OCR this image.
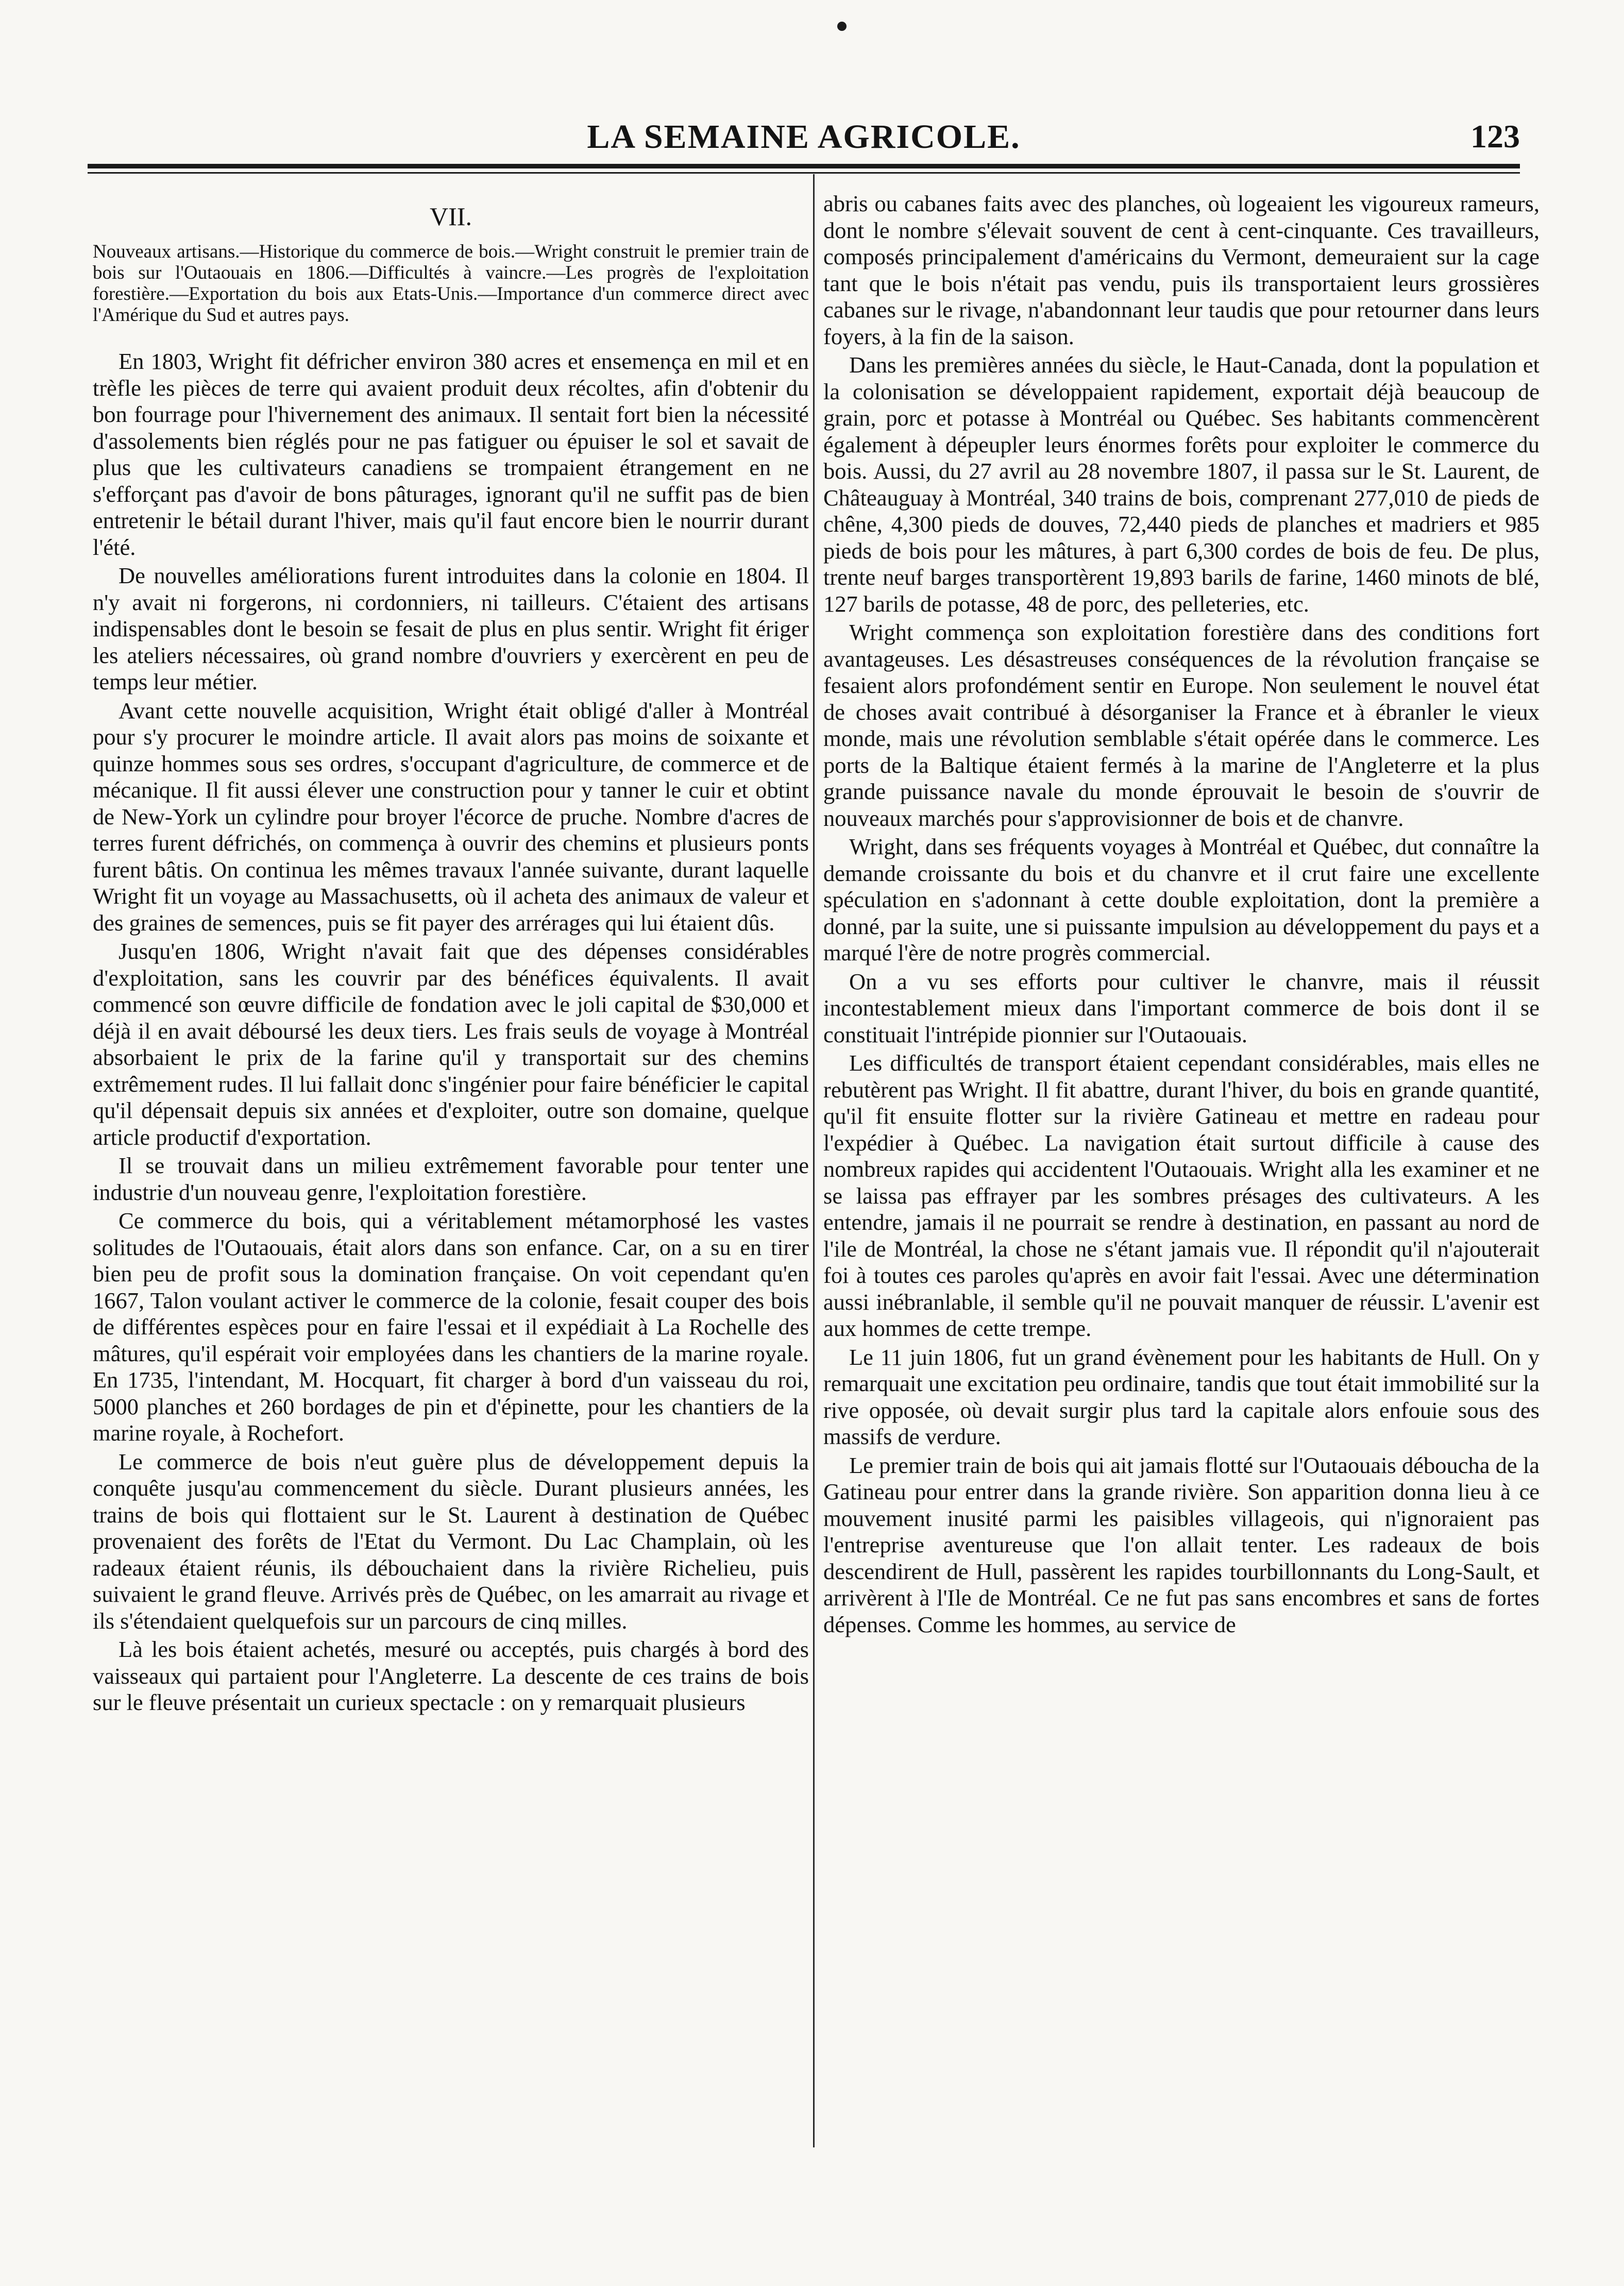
LA SEMAINE AGRICOLE.	123
VII.
Nouveaux artisans.—Historique du commerce de bois.—Wright construit le premier train de bois sur l'Outaouais en 1806.—Difficultés à vaincre.—Les progrès de l'exploitation forestière.—Exportation du bois aux Etats-Unis.—Importance d'un commerce direct avec l'Amérique du Sud et autres pays.

En 1803, Wright fit défricher environ 380 acres et ensemença en mil et en trèfle les pièces de terre qui avaient produit deux récoltes, afin d'obtenir du bon fourrage pour l'hivernement des animaux. Il sentait fort bien la nécessité d'assolements bien réglés pour ne pas fatiguer ou épuiser le sol et savait de plus que les cultivateurs canadiens se trompaient étrangement en ne s'efforçant pas d'avoir de bons pâturages, ignorant qu'il ne suffit pas de bien entretenir le bétail durant l'hiver, mais qu'il faut encore bien le nourrir durant l'été.

De nouvelles améliorations furent introduites dans la colonie en 1804. Il n'y avait ni forgerons, ni cordonniers, ni tailleurs. C'étaient des artisans indispensables dont le besoin se fesait de plus en plus sentir. Wright fit ériger les ateliers nécessaires, où grand nombre d'ouvriers y exercèrent en peu de temps leur métier.

Avant cette nouvelle acquisition, Wright était obligé d'aller à Montréal pour s'y procurer le moindre article. Il avait alors pas moins de soixante et quinze hommes sous ses ordres, s'occupant d'agriculture, de commerce et de mécanique. Il fit aussi élever une construction pour y tanner le cuir et obtint de New-York un cylindre pour broyer l'écorce de pruche. Nombre d'acres de terres furent défrichés, on commença à ouvrir des chemins et plusieurs ponts furent bâtis. On continua les mêmes travaux l'année suivante, durant laquelle Wright fit un voyage au Massachusetts, où il acheta des animaux de valeur et des graines de semences, puis se fit payer des arrérages qui lui étaient dûs.

Jusqu'en 1806, Wright n'avait fait que des dépenses considérables d'exploitation, sans les couvrir par des bénéfices équivalents. Il avait commencé son œuvre difficile de fondation avec le joli capital de $30,000 et déjà il en avait déboursé les deux tiers. Les frais seuls de voyage à Montréal absorbaient le prix de la farine qu'il y transportait sur des chemins extrêmement rudes. Il lui fallait donc s'ingénier pour faire bénéficier le capital qu'il dépensait depuis six années et d'exploiter, outre son domaine, quelque article productif d'exportation.

Il se trouvait dans un milieu extrêmement favorable pour tenter une industrie d'un nouveau genre, l'exploitation forestière.

Ce commerce du bois, qui a véritablement métamorphosé les vastes solitudes de l'Outaouais, était alors dans son enfance. Car, on a su en tirer bien peu de profit sous la domination française. On voit cependant qu'en 1667, Talon voulant activer le commerce de la colonie, fesait couper des bois de différentes espèces pour en faire l'essai et il expédiait à La Rochelle des mâtures, qu'il espérait voir employées dans les chantiers de la marine royale. En 1735, l'intendant, M. Hocquart, fit charger à bord d'un vaisseau du roi, 5000 planches et 260 bordages de pin et d'épinette, pour les chantiers de la marine royale, à Rochefort.

Le commerce de bois n'eut guère plus de développement depuis la conquête jusqu'au commencement du siècle. Durant plusieurs années, les trains de bois qui flottaient sur le St. Laurent à destination de Québec provenaient des forêts de l'Etat du Vermont. Du Lac Champlain, où les radeaux étaient réunis, ils débouchaient dans la rivière Richelieu, puis suivaient le grand fleuve. Arrivés près de Québec, on les amarrait au rivage et ils s'étendaient quelquefois sur un parcours de cinq milles.

Là les bois étaient achetés, mesuré ou acceptés, puis chargés à bord des vaisseaux qui partaient pour l'Angleterre. La descente de ces trains de bois sur le fleuve présentait un curieux spectacle : on y remarquait plusieurs

abris ou cabanes faits avec des planches, où logeaient les vigoureux rameurs, dont le nombre s'élevait souvent de cent à cent-cinquante. Ces travailleurs, composés principalement d'américains du Vermont, demeuraient sur la cage tant que le bois n'était pas vendu, puis ils transportaient leurs grossières cabanes sur le rivage, n'abandonnant leur taudis que pour retourner dans leurs foyers, à la fin de la saison.

Dans les premières années du siècle, le Haut-Canada, dont la population et la colonisation se développaient rapidement, exportait déjà beaucoup de grain, porc et potasse à Montréal ou Québec. Ses habitants commencèrent également à dépeupler leurs énormes forêts pour exploiter le commerce du bois. Aussi, du 27 avril au 28 novembre 1807, il passa sur le St. Laurent, de Châteauguay à Montréal, 340 trains de bois, comprenant 277,010 de pieds de chêne, 4,300 pieds de douves, 72,440 pieds de planches et madriers et 985 pieds de bois pour les mâtures, à part 6,300 cordes de bois de feu. De plus, trente neuf barges transportèrent 19,893 barils de farine, 1460 minots de blé, 127 barils de potasse, 48 de porc, des pelleteries, etc.

Wright commença son exploitation forestière dans des conditions fort avantageuses. Les désastreuses conséquences de la révolution française se fesaient alors profondément sentir en Europe. Non seulement le nouvel état de choses avait contribué à désorganiser la France et à ébranler le vieux monde, mais une révolution semblable s'était opérée dans le commerce. Les ports de la Baltique étaient fermés à la marine de l'Angleterre et la plus grande puissance navale du monde éprouvait le besoin de s'ouvrir de nouveaux marchés pour s'approvisionner de bois et de chanvre.

Wright, dans ses fréquents voyages à Montréal et Québec, dut connaître la demande croissante du bois et du chanvre et il crut faire une excellente spéculation en s'adonnant à cette double exploitation, dont la première a donné, par la suite, une si puissante impulsion au développement du pays et a marqué l'ère de notre progrès commercial.

On a vu ses efforts pour cultiver le chanvre, mais il réussit incontestablement mieux dans l'important commerce de bois dont il se constituait l'intrépide pionnier sur l'Outaouais.

Les difficultés de transport étaient cependant considérables, mais elles ne rebutèrent pas Wright. Il fit abattre, durant l'hiver, du bois en grande quantité, qu'il fit ensuite flotter sur la rivière Gatineau et mettre en radeau pour l'expédier à Québec. La navigation était surtout difficile à cause des nombreux rapides qui accidentent l'Outaouais. Wright alla les examiner et ne se laissa pas effrayer par les sombres présages des cultivateurs. A les entendre, jamais il ne pourrait se rendre à destination, en passant au nord de l'ile de Montréal, la chose ne s'étant jamais vue. Il répondit qu'il n'ajouterait foi à toutes ces paroles qu'après en avoir fait l'essai. Avec une détermination aussi inébranlable, il semble qu'il ne pouvait manquer de réussir. L'avenir est aux hommes de cette trempe.

Le 11 juin 1806, fut un grand évènement pour les habitants de Hull. On y remarquait une excitation peu ordinaire, tandis que tout était immobilité sur la rive opposée, où devait surgir plus tard la capitale alors enfouie sous des massifs de verdure.

Le premier train de bois qui ait jamais flotté sur l'Outaouais déboucha de la Gatineau pour entrer dans la grande rivière. Son apparition donna lieu à ce mouvement inusité parmi les paisibles villageois, qui n'ignoraient pas l'entreprise aventureuse que l'on allait tenter. Les radeaux de bois descendirent de Hull, passèrent les rapides tourbillonnants du Long-Sault, et arrivèrent à l'Ile de Montréal. Ce ne fut pas sans encombres et sans de fortes dépenses. Comme les hommes, au service de
